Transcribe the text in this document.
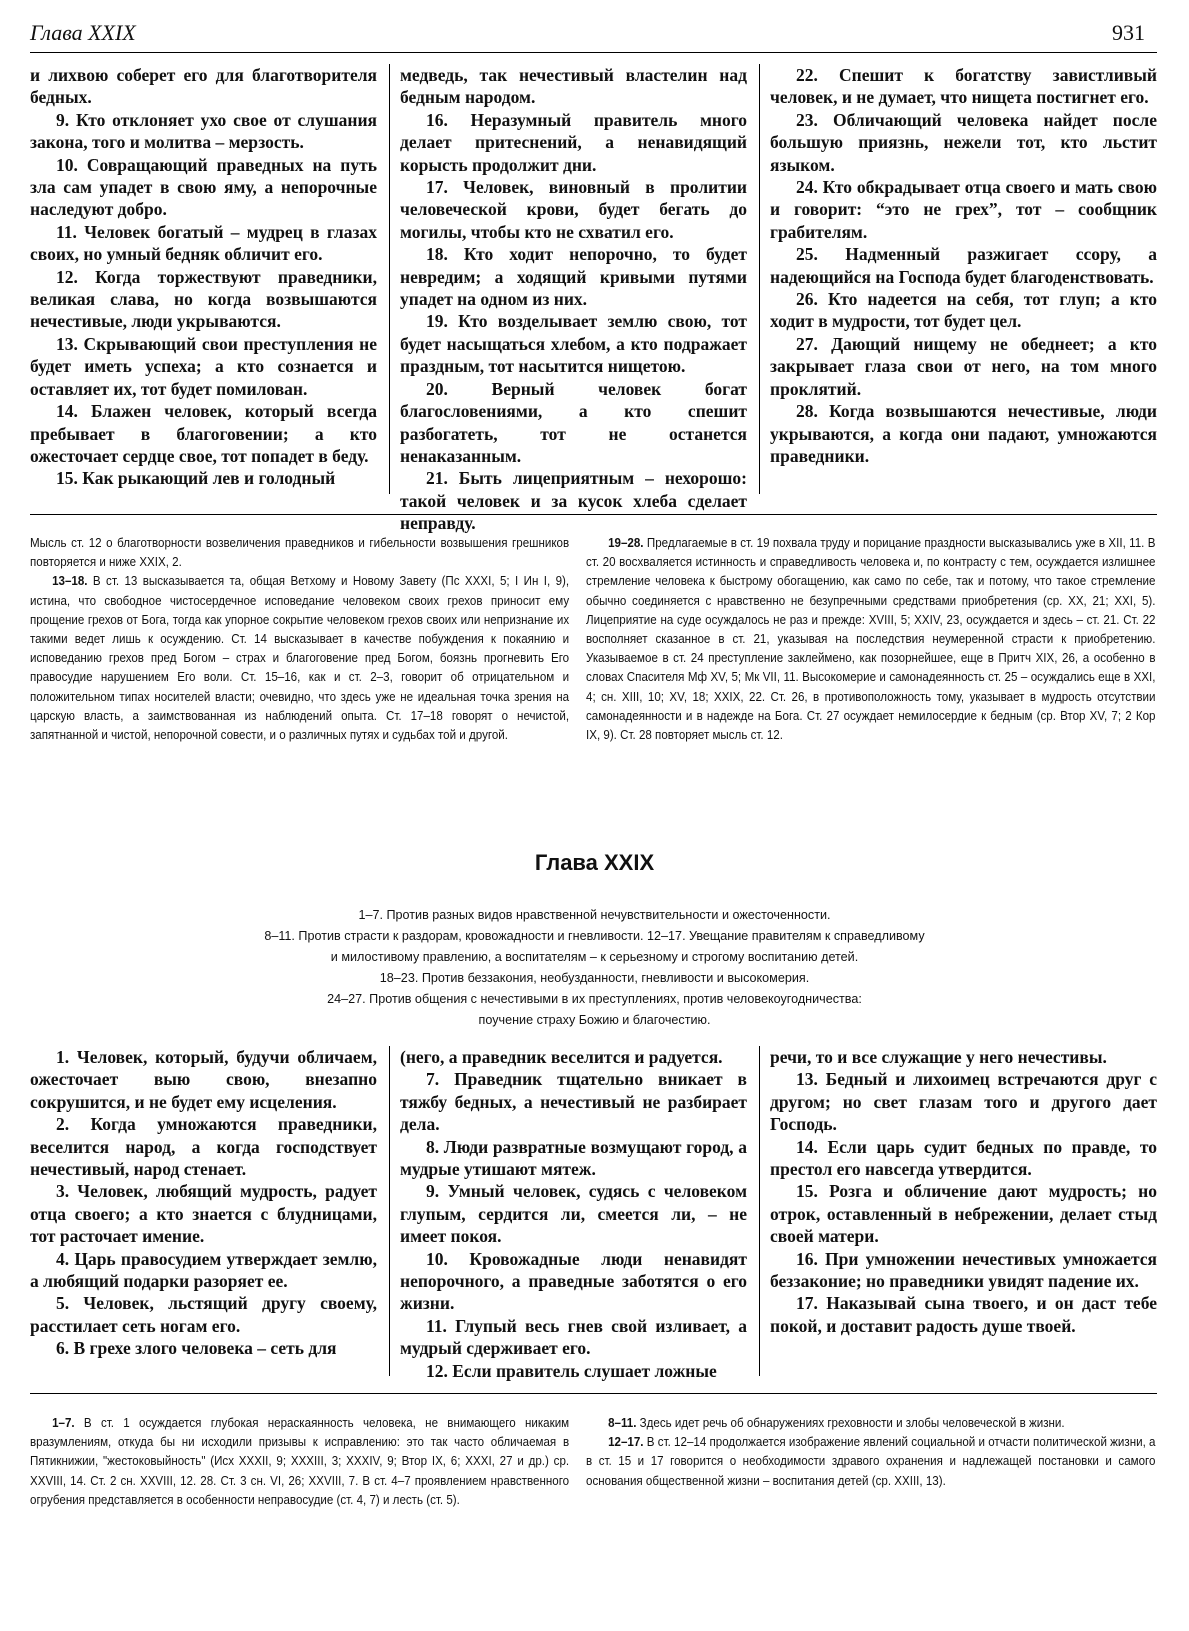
Глава XXIX	931

и лихвою соберет его для благотворителя бедных.

9. Кто отклоняет ухо свое от слушания закона, того и молитва – мерзость.

10. Совращающий праведных на путь зла сам упадет в свою яму, а непорочные наследуют добро.

11. Человек богатый – мудрец в глазах своих, но умный бедняк обличит его.

12. Когда торжествуют праведники, великая слава, но когда возвышаются нечестивые, люди укрываются.

13. Скрывающий свои преступления не будет иметь успеха; а кто сознается и оставляет их, тот будет помилован.

14. Блажен человек, который всегда пребывает в благоговении; а кто ожесточает сердце свое, тот попадет в беду.

15. Как рыкающий лев и голодный

медведь, так нечестивый властелин над бедным народом.

16. Неразумный правитель много делает притеснений, а ненавидящий корысть продолжит дни.

17. Человек, виновный в пролитии человеческой крови, будет бегать до могилы, чтобы кто не схватил его.

18. Кто ходит непорочно, то будет невредим; а ходящий кривыми путями упадет на одном из них.

19. Кто возделывает землю свою, тот будет насыщаться хлебом, а кто подражает праздным, тот насытится нищетою.

20. Верный человек богат благословениями, а кто спешит разбогатеть, тот не останется ненаказанным.

21. Быть лицеприятным – нехорошо: такой человек и за кусок хлеба сделает неправду.

22. Спешит к богатству завистливый человек, и не думает, что нищета постигнет его.

23. Обличающий человека найдет после большую приязнь, нежели тот, кто льстит языком.

24. Кто обкрадывает отца своего и мать свою и говорит: “это не грех”, тот – сообщник грабителям.

25. Надменный разжигает ссору, а надеющийся на Господа будет благоденствовать.

26. Кто надеется на себя, тот глуп; а кто ходит в мудрости, тот будет цел.

27. Дающий нищему не обеднеет; а кто закрывает глаза свои от него, на том много проклятий.

28. Когда возвышаются нечестивые, люди укрываются, а когда они падают, умножаются праведники.

Мысль ст. 12 о благотворности возвеличения праведников и гибельности возвышения грешников повторяется и ниже XXIX, 2.

13–18. В ст. 13 высказывается та, общая Ветхому и Новому Завету (Пс XXXI, 5; I Ин I, 9), истина, что свободное чистосердечное исповедание человеком своих грехов приносит ему прощение грехов от Бога, тогда как упорное сокрытие человеком грехов своих или непризнание их такими ведет лишь к осуждению. Ст. 14 высказывает в качестве побуждения к покаянию и исповеданию грехов пред Богом – страх и благоговение пред Богом, боязнь прогневить Его правосудие нарушением Его воли. Ст. 15–16, как и ст. 2–3, говорит об отрицательном и положительном типах носителей власти; очевидно, что здесь уже не идеальная точка зрения на царскую власть, а заимствованная из наблюдений опыта. Ст. 17–18 говорят о нечистой, запятнанной и чистой, непорочной совести, и о различных путях и судьбах той и другой.

19–28. Предлагаемые в ст. 19 похвала труду и порицание праздности высказывались уже в XII, 11. В ст. 20 восхваляется истинность и справедливость человека и, по контрасту с тем, осуждается излишнее стремление человека к быстрому обогащению, как само по себе, так и потому, что такое стремление обычно соединяется с нравственно не безупречными средствами приобретения (ср. XX, 21; XXI, 5). Лицеприятие на суде осуждалось не раз и прежде: XVIII, 5; XXIV, 23, осуждается и здесь – ст. 21. Ст. 22 восполняет сказанное в ст. 21, указывая на последствия неумеренной страсти к приобретению. Указываемое в ст. 24 преступление заклеймено, как позорнейшее, еще в Притч XIX, 26, а особенно в словах Спасителя Мф XV, 5; Мк VII, 11. Высокомерие и самонадеянность ст. 25 – осуждались еще в XXI, 4; сн. XIII, 10; XV, 18; XXIX, 22. Ст. 26, в противоположность тому, указывает в мудрость отсутствии самонадеянности и в надежде на Бога. Ст. 27 осуждает немилосердие к бедным (ср. Втор XV, 7; 2 Кор IX, 9). Ст. 28 повторяет мысль ст. 12.

Глава XXIX
1–7. Против разных видов нравственной нечувствительности и ожесточенности.
8–11. Против страсти к раздорам, кровожадности и гневливости. 12–17. Увещание правителям к справедливому
и милостивому правлению, а воспитателям – к серьезному и строгому воспитанию детей.
18–23. Против беззакония, необузданности, гневливости и высокомерия.
24–27. Против общения с нечестивыми в их преступлениях, против человекоугодничества:
поучение страху Божию и благочестию.

1. Человек, который, будучи обличаем, ожесточает выю свою, внезапно сокрушится, и не будет ему исцеления.

2. Когда умножаются праведники, веселится народ, а когда господствует нечестивый, народ стенает.

3. Человек, любящий мудрость, радует отца своего; а кто знается с блудницами, тот расточает имение.

4. Царь правосудием утверждает землю, а любящий подарки разоряет ее.

5. Человек, льстящий другу своему, расстилает сеть ногам его.

6. В грехе злого человека – сеть для

(него, а праведник веселится и радуется.

7. Праведник тщательно вникает в тяжбу бедных, а нечестивый не разбирает дела.

8. Люди развратные возмущают город, а мудрые утишают мятеж.

9. Умный человек, судясь с человеком глупым, сердится ли, смеется ли, – не имеет покоя.

10. Кровожадные люди ненавидят непорочного, а праведные заботятся о его жизни.

11. Глупый весь гнев свой изливает, а мудрый сдерживает его.

12. Если правитель слушает ложные

речи, то и все служащие у него нечестивы.

13. Бедный и лихоимец встречаются друг с другом; но свет глазам того и другого дает Господь.

14. Если царь судит бедных по правде, то престол его навсегда утвердится.

15. Розга и обличение дают мудрость; но отрок, оставленный в небрежении, делает стыд своей матери.

16. При умножении нечестивых умножается беззаконие; но праведники увидят падение их.

17. Наказывай сына твоего, и он даст тебе покой, и доставит радость душе твоей.

1–7. В ст. 1 осуждается глубокая нераскаянность человека, не внимающего никаким вразумлениям, откуда бы ни исходили призывы к исправлению: это так часто обличаемая в Пятикнижии, "жестоковыйность" (Исх XXXII, 9; XXXIII, 3; XXXIV, 9; Втор IX, 6; XXXI, 27 и др.) ср. XXVIII, 14. Ст. 2 сн. XXVIII, 12. 28. Ст. 3 сн. VI, 26; XXVIII, 7. В ст. 4–7 проявлением нравственного огрубения представляется в особенности неправосудие (ст. 4, 7) и лесть (ст. 5).

8–11. Здесь идет речь об обнаружениях греховности и злобы человеческой в жизни.

12–17. В ст. 12–14 продолжается изображение явлений социальной и отчасти политической жизни, а в ст. 15 и 17 говорится о необходимости здравого охранения и надлежащей постановки и самого основания общественной жизни – воспитания детей (ср. XXIII, 13).
